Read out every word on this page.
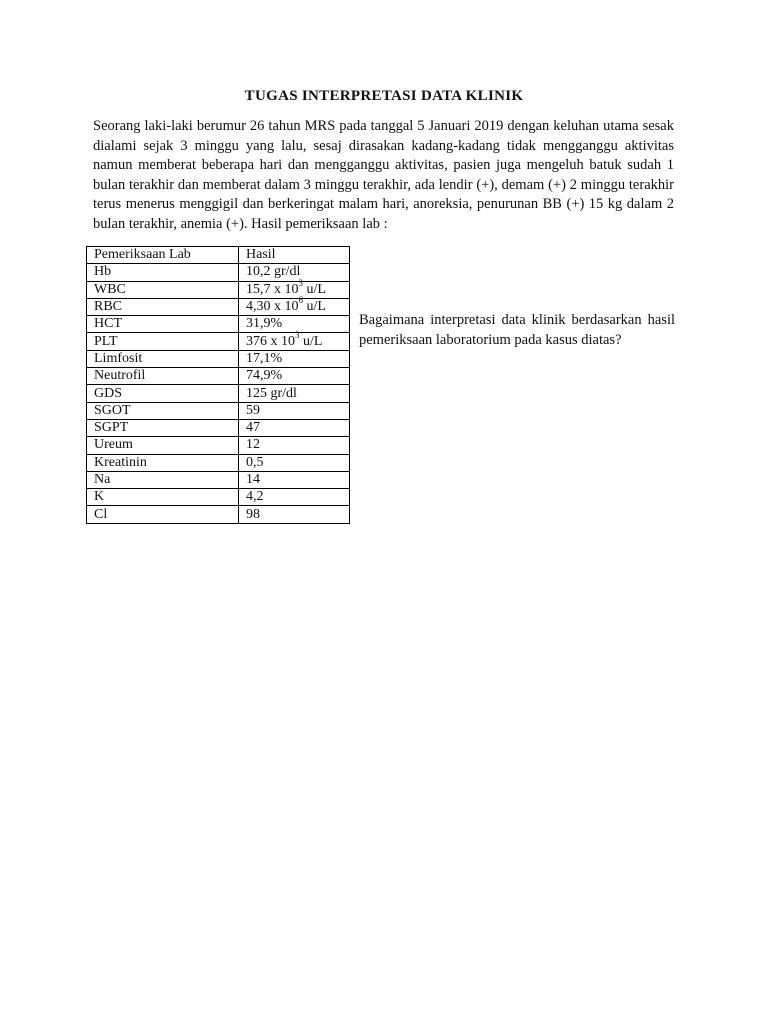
TUGAS INTERPRETASI DATA KLINIK

Seorang laki-laki berumur 26 tahun MRS pada tanggal 5 Januari 2019 dengan keluhan utama sesak dialami sejak 3 minggu yang lalu, sesaj dirasakan kadang-kadang tidak mengganggu aktivitas namun memberat beberapa hari dan mengganggu aktivitas, pasien juga mengeluh batuk sudah 1 bulan terakhir dan memberat dalam 3 minggu terakhir, ada lendir (+), demam (+) 2 minggu terakhir terus menerus menggigil dan berkeringat malam hari, anoreksia, penurunan BB (+) 15 kg dalam 2 bulan terakhir, anemia (+). Hasil pemeriksaan lab :

Pemeriksaan Lab	Hasil
Hb	10,2 gr/dl
WBC	15,7 x $10^3$ u/L
RBC	4,30 x $10^6$ u/L
HCT	31,9%
PLT	376 x $10^3$ u/L
Limfosit	17,1%
Neutrofil	74,9%
GDS	125 gr/dl
SGOT	59
SGPT	47
Ureum	12
Kreatinin	0,5
Na	14
K	4,2
Cl	98

Bagaimana interpretasi data klinik berdasarkan hasil pemeriksaan laboratorium pada kasus diatas?
